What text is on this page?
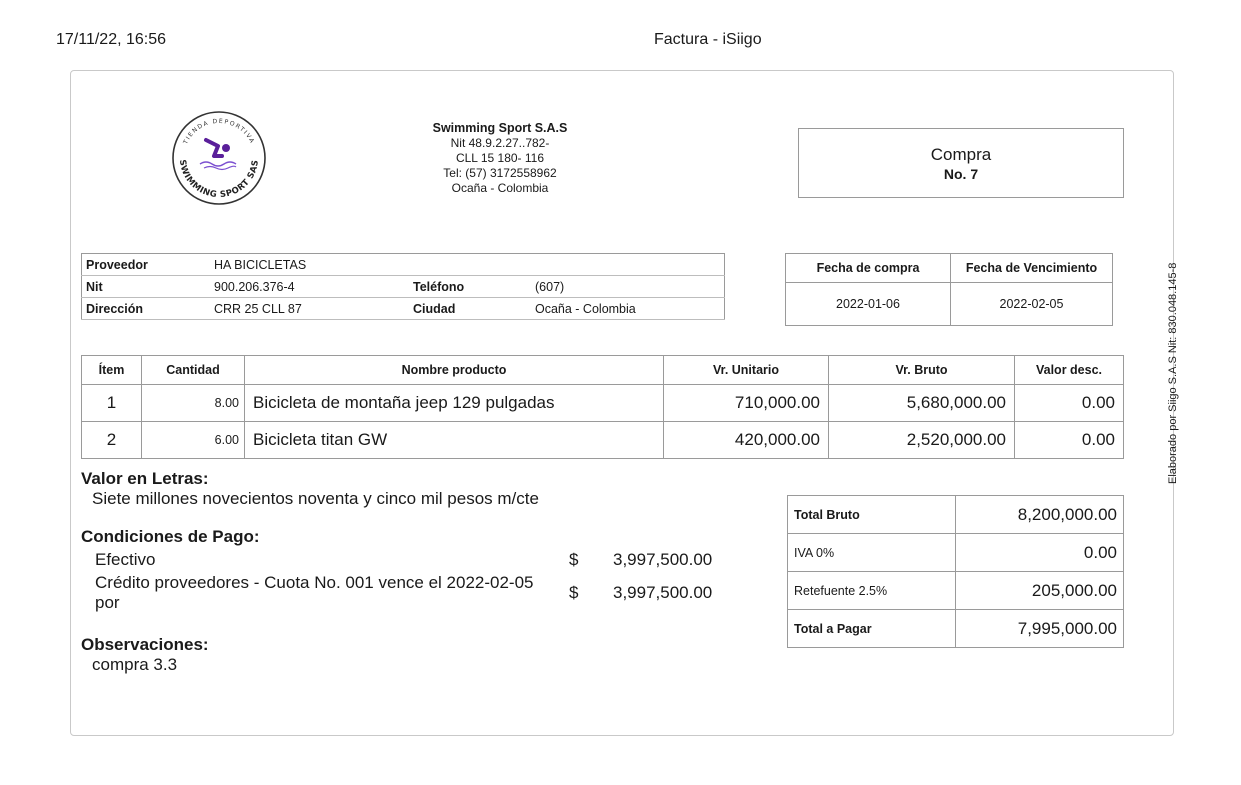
17/11/22, 16:56	Factura - iSiigo
TIENDA DEPORTIVA
SWIMMING SPORT SAS
Swimming Sport S.A.S
Nit 48.9.2.27..782-
CLL 15 180- 116
Tel: (57) 3172558962
Ocaña - Colombia
Compra
No. 7
Proveedor	HA BICICLETAS		
Nit	900.206.376-4	Teléfono	(607)
Dirección	CRR 25 CLL 87	Ciudad	Ocaña - Colombia
Fecha de compra	Fecha de Vencimiento
2022-01-06	2022-02-05
Ítem	Cantidad	Nombre producto	Vr. Unitario	Vr. Bruto	Valor desc.
1	8.00	Bicicleta de montaña jeep 129 pulgadas	710,000.00	5,680,000.00	0.00
2	6.00	Bicicleta titan GW	420,000.00	2,520,000.00	0.00
Valor en Letras:
Siete millones novecientos noventa y cinco mil pesos m/cte
Condiciones de Pago:
Efectivo	$ 3,997,500.00
Crédito proveedores - Cuota No. 001 vence el 2022-02-05 por
$ 3,997,500.00
Observaciones:
compra 3.3
Total Bruto	8,200,000.00
IVA 0%	0.00
Retefuente 2.5%	205,000.00
Total a Pagar	7,995,000.00
Elaborado por Siigo S.A.S Nit: 830.048.145-8
